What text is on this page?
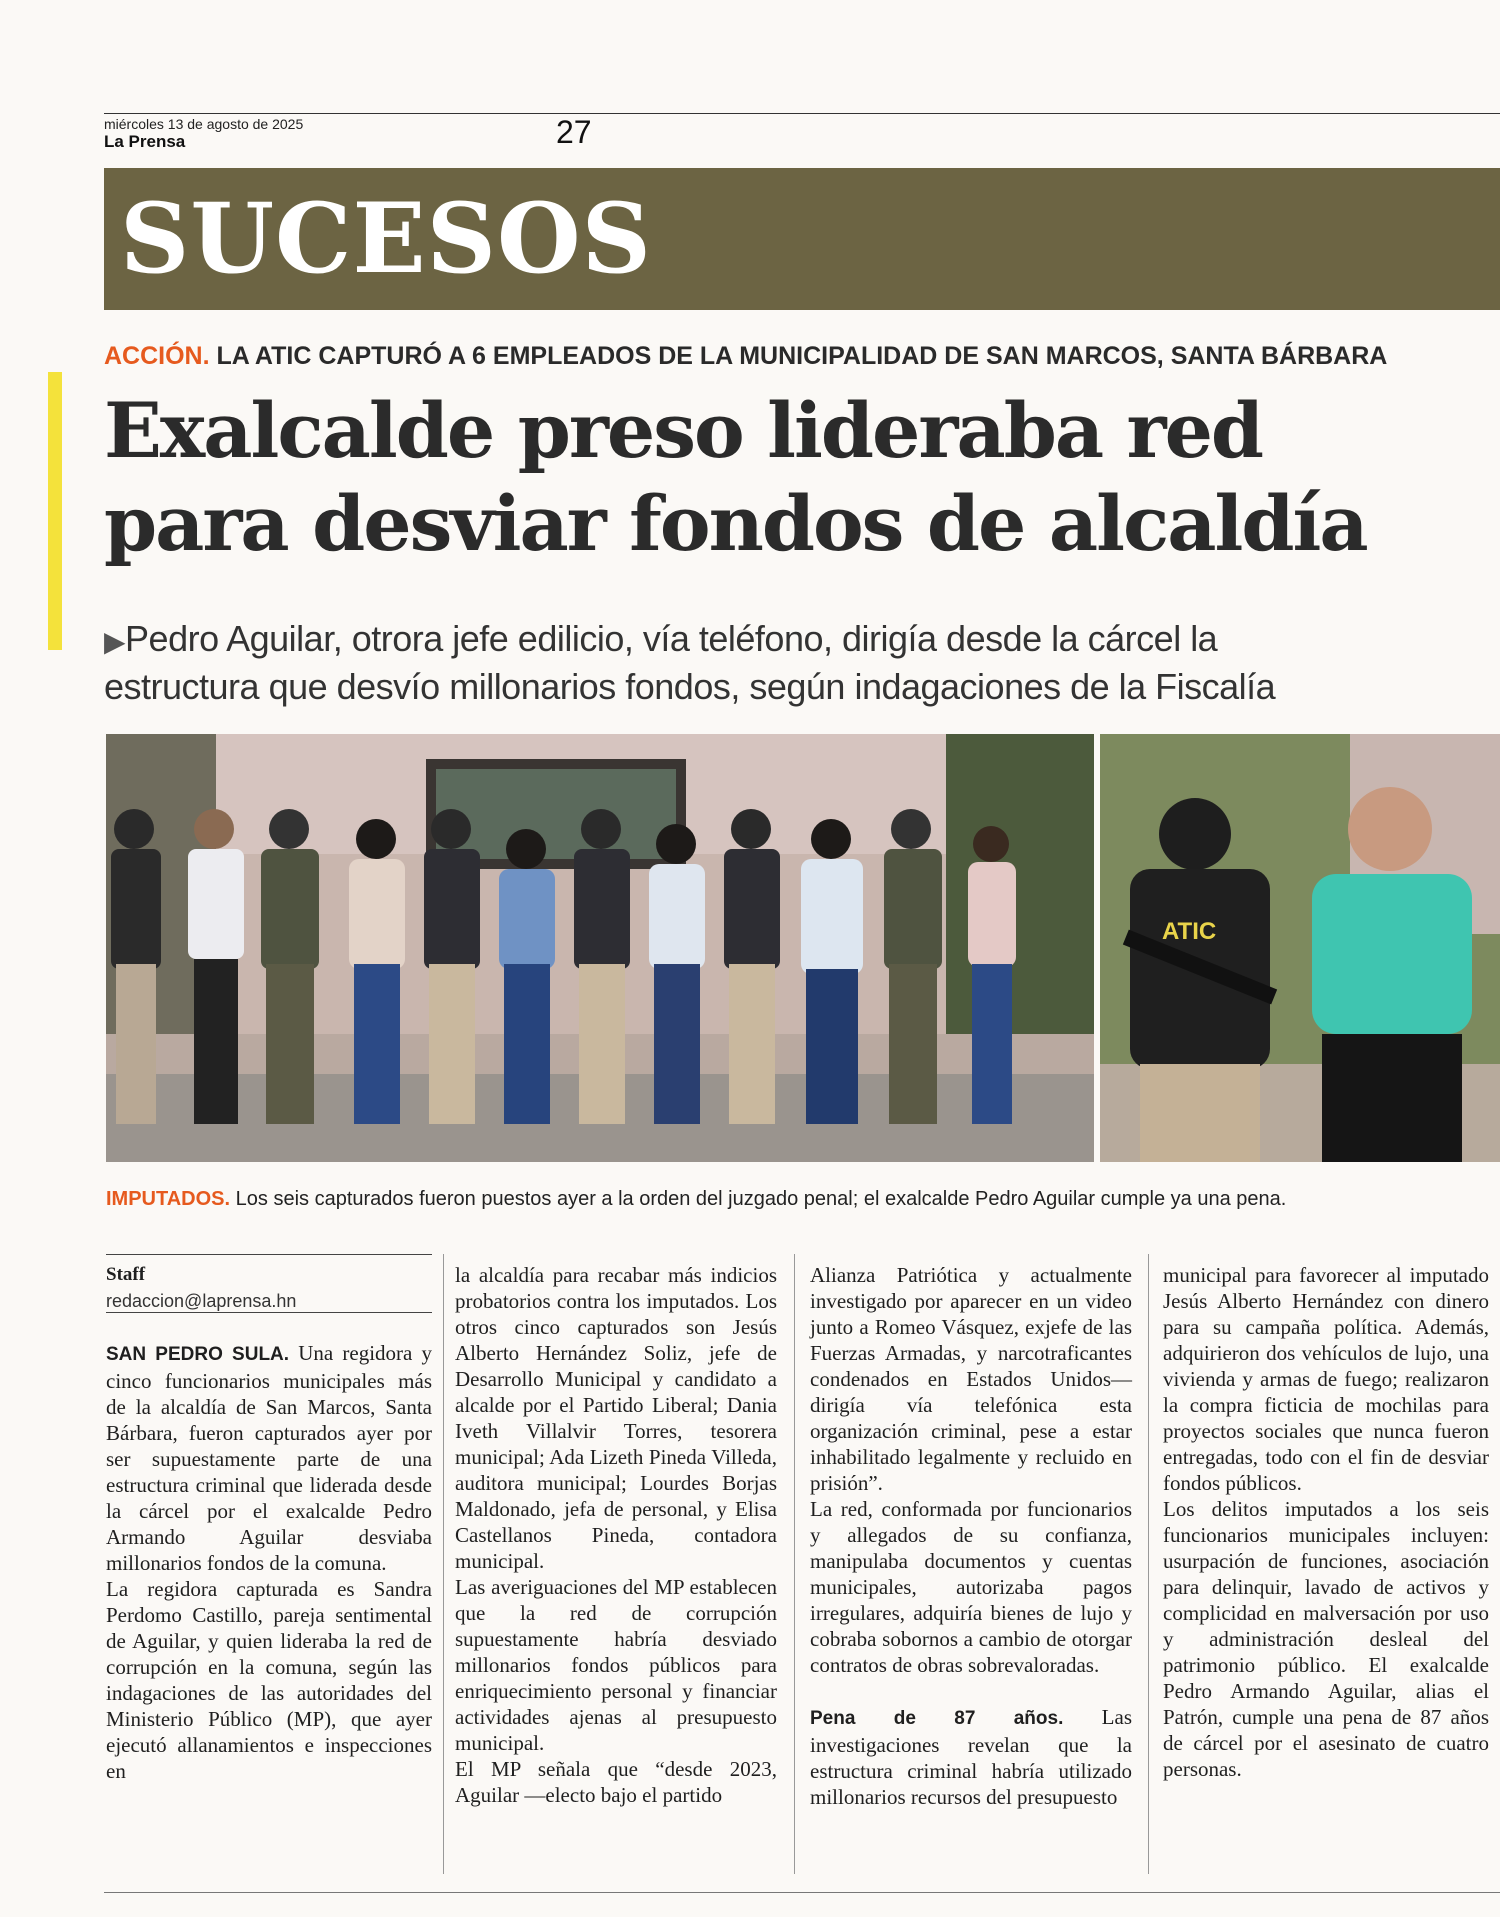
miércoles 13 de agosto de 2025
La Prensa	27
SUCESOS
ACCIÓN. LA ATIC CAPTURÓ A 6 EMPLEADOS DE LA MUNICIPALIDAD DE SAN MARCOS, SANTA BÁRBARA
Exalcalde preso lideraba red
para desviar fondos de alcaldía
▶Pedro Aguilar, otrora jefe edilicio, vía teléfono, dirigía desde la cárcel la
estructura que desvío millonarios fondos, según indagaciones de la Fiscalía
ATIC
IMPUTADOS. Los seis capturados fueron puestos ayer a la orden del juzgado penal; el exalcalde Pedro Aguilar cumple ya una pena.
Staff
redaccion@laprensa.hn

SAN PEDRO SULA. Una regidora y cinco funcionarios municipales más de la alcaldía de San Marcos, Santa Bárbara, fueron capturados ayer por ser supuestamente parte de una estructura criminal que liderada desde la cárcel por el exalcalde Pedro Armando Aguilar desviaba millonarios fondos de la comuna.

La regidora capturada es Sandra Perdomo Castillo, pareja sentimental de Aguilar, y quien lideraba la red de corrupción en la comuna, según las indagaciones de las autoridades del Ministerio Público (MP), que ayer ejecutó allanamientos e inspecciones en

la alcaldía para recabar más indicios probatorios contra los imputados. Los otros cinco capturados son Jesús Alberto Hernández Soliz, jefe de Desarrollo Municipal y candidato a alcalde por el Partido Liberal; Dania Iveth Villalvir Torres, tesorera municipal; Ada Lizeth Pineda Villeda, auditora municipal; Lourdes Borjas Maldonado, jefa de personal, y Elisa Castellanos Pineda, contadora municipal.

Las averiguaciones del MP establecen que la red de corrupción supuestamente habría desviado millonarios fondos públicos para enriquecimiento personal y financiar actividades ajenas al presupuesto municipal.

El MP señala que “desde 2023, Aguilar —electo bajo el partido

Alianza Patriótica y actualmente investigado por aparecer en un video junto a Romeo Vásquez, exjefe de las Fuerzas Armadas, y narcotraficantes condenados en Estados Unidos— dirigía vía telefónica esta organización criminal, pese a estar inhabilitado legalmente y recluido en prisión”.

La red, conformada por funcionarios y allegados de su confianza, manipulaba documentos y cuentas municipales, autorizaba pagos irregulares, adquiría bienes de lujo y cobraba sobornos a cambio de otorgar contratos de obras sobrevaloradas.

Pena de 87 años. Las investigaciones revelan que la estructura criminal habría utilizado millonarios recursos del presupuesto

municipal para favorecer al imputado Jesús Alberto Hernández con dinero para su campaña política. Además, adquirieron dos vehículos de lujo, una vivienda y armas de fuego; realizaron la compra ficticia de mochilas para proyectos sociales que nunca fueron entregadas, todo con el fin de desviar fondos públicos.

Los delitos imputados a los seis funcionarios municipales incluyen: usurpación de funciones, asociación para delinquir, lavado de activos y complicidad en malversación por uso y administración desleal del patrimonio público. El exalcalde Pedro Armando Aguilar, alias el Patrón, cumple una pena de 87 años de cárcel por el asesinato de cuatro personas.
